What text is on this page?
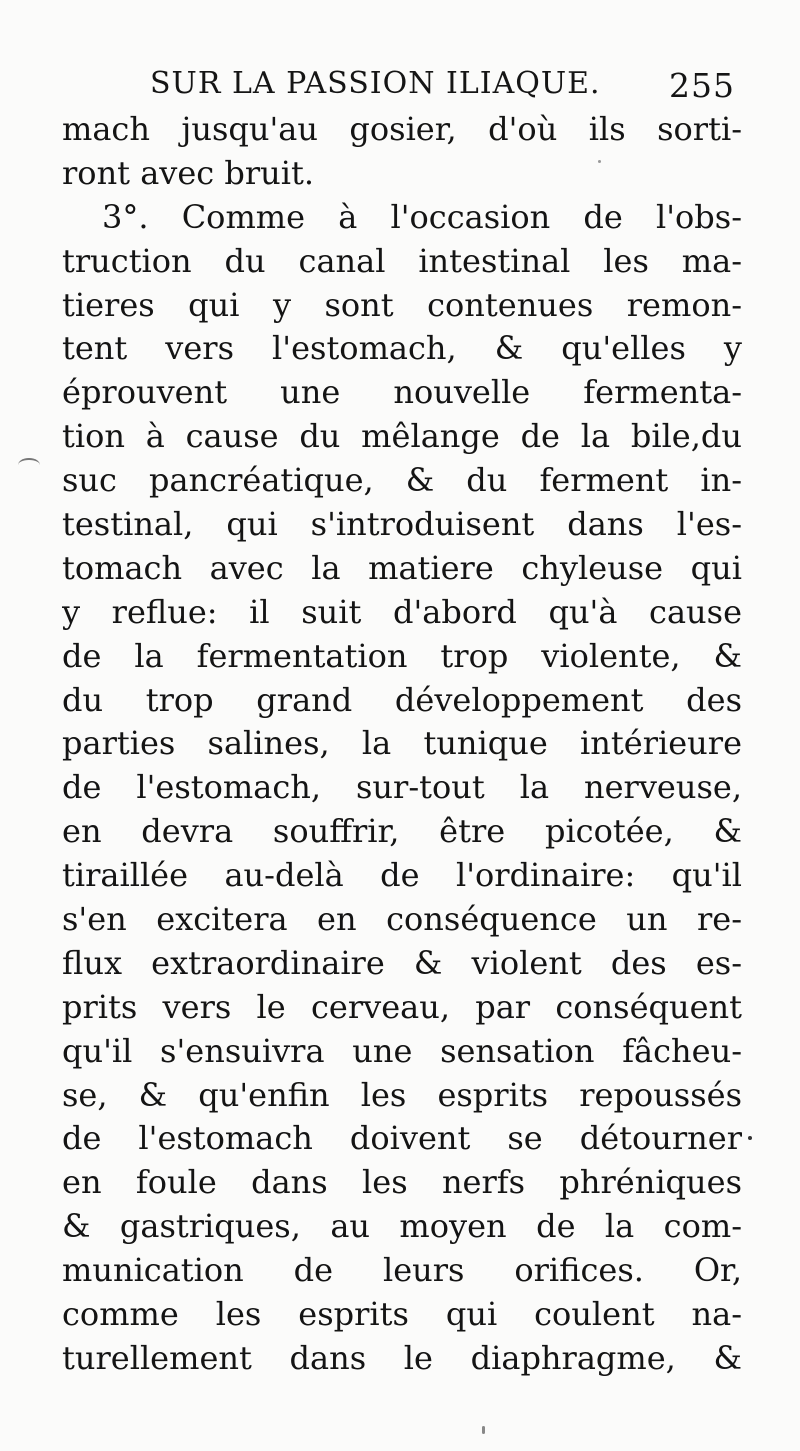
SUR LA PASSION ILIAQUE. 255
mach jusqu'au gosier, d'où ils sorti-
ront avec bruit.
3°. Comme à l'occasion de l'obs-
truction du canal intestinal les ma-
tieres qui y sont contenues remon-
tent vers l'estomach, & qu'elles y
éprouvent une nouvelle fermenta-
tion à cause du mêlange de la bile,du
suc pancréatique, & du ferment in-
testinal, qui s'introduisent dans l'es-
tomach avec la matiere chyleuse qui
y reflue: il suit d'abord qu'à cause
de la fermentation trop violente, &
du trop grand développement des
parties salines, la tunique intérieure
de l'estomach, sur-tout la nerveuse,
en devra souffrir, être picotée, &
tiraillée au-delà de l'ordinaire: qu'il
s'en excitera en conséquence un re-
flux extraordinaire & violent des es-
prits vers le cerveau, par conséquent
qu'il s'ensuivra une sensation fâcheu-
se, & qu'enfin les esprits repoussés
de l'estomach doivent se détourner
en foule dans les nerfs phréniques
& gastriques, au moyen de la com-
munication de leurs orifices. Or,
comme les esprits qui coulent na-
turellement dans le diaphragme, &
